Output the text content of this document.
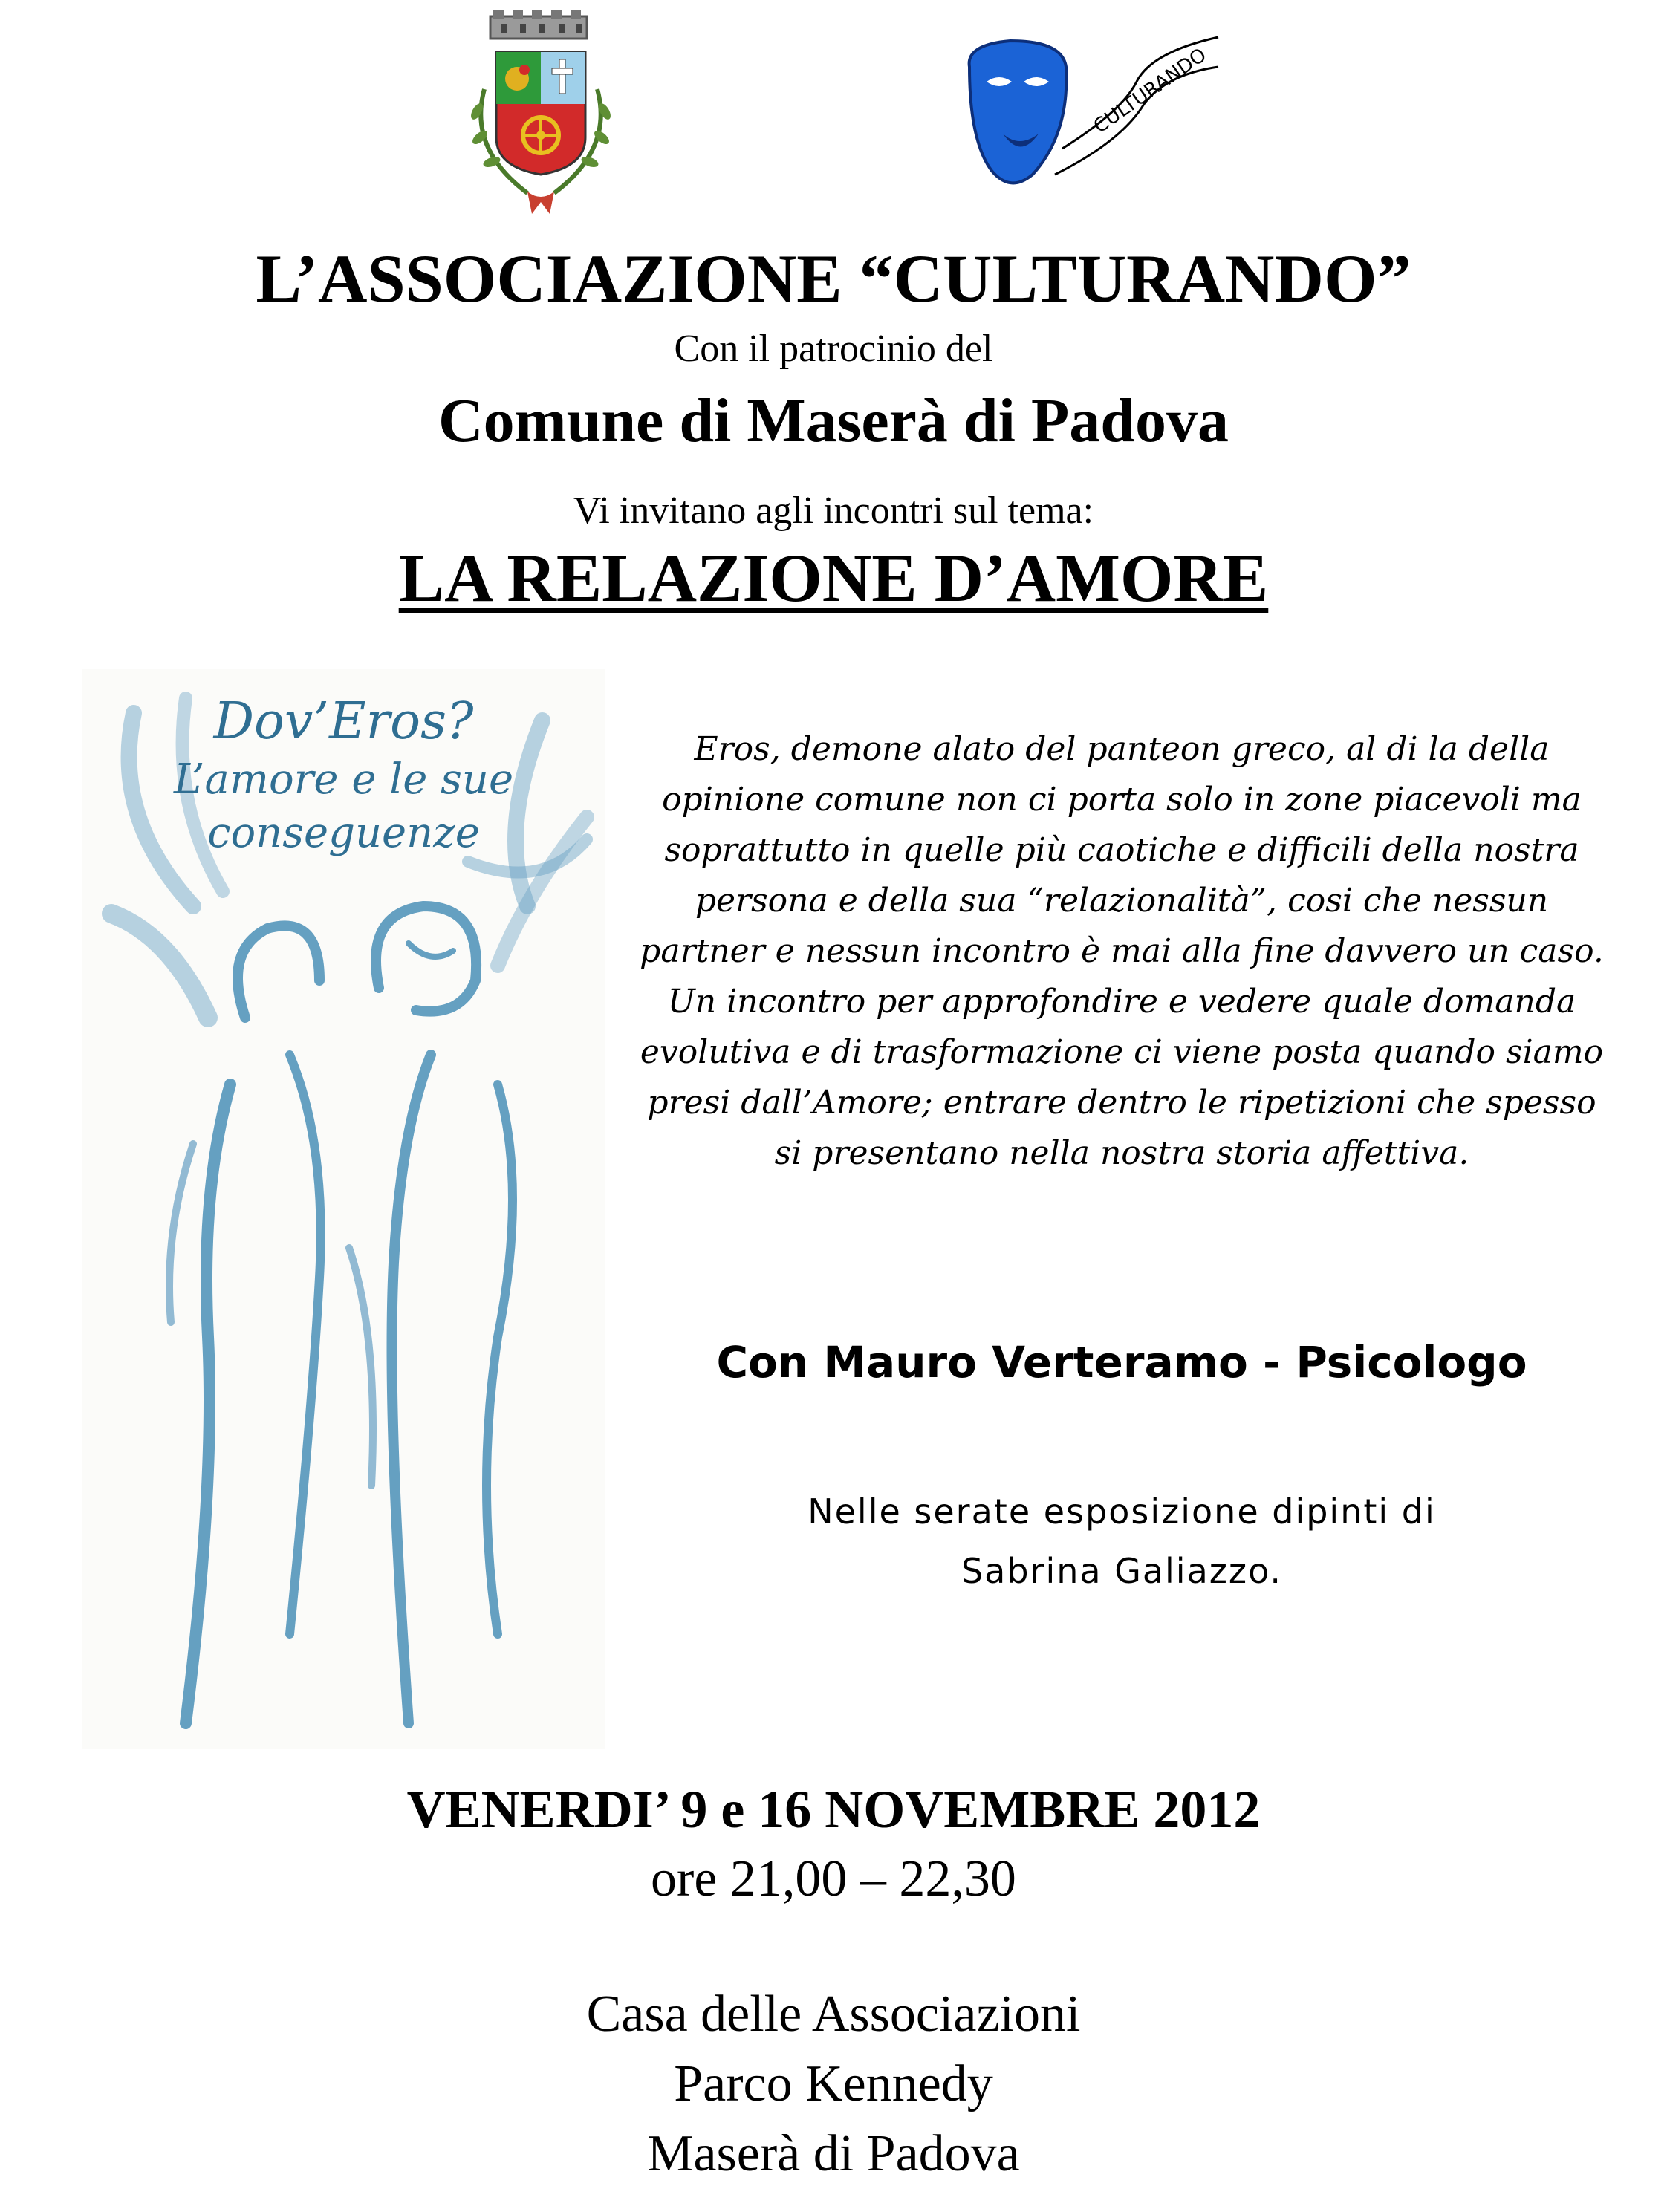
CULTURANDO
L’ASSOCIAZIONE “CULTURANDO”
Con il patrocinio del
Comune di Maserà di Padova
Vi invitano agli incontri sul tema:
LA RELAZIONE D’AMORE
Dov’Eros?
L’amore e le sue
conseguenze

Eros, demone alato del panteon greco, al di la della opinione comune non ci porta solo in zone piacevoli ma soprattutto in quelle più caotiche e difficili della nostra persona e della sua “relazionalità”, cosi che nessun partner e nessun incontro è mai alla fine davvero un caso.

Un incontro per approfondire e vedere quale domanda evolutiva e di trasformazione ci viene posta quando siamo presi dall’Amore; entrare dentro le ripetizioni che spesso si presentano nella nostra storia affettiva.

Con Mauro Verteramo - Psicologo
Nelle serate esposizione dipinti di
Sabrina Galiazzo.
VENERDI’ 9 e 16 NOVEMBRE 2012
ore 21,00 – 22,30
Casa delle Associazioni
Parco Kennedy
Maserà di Padova
